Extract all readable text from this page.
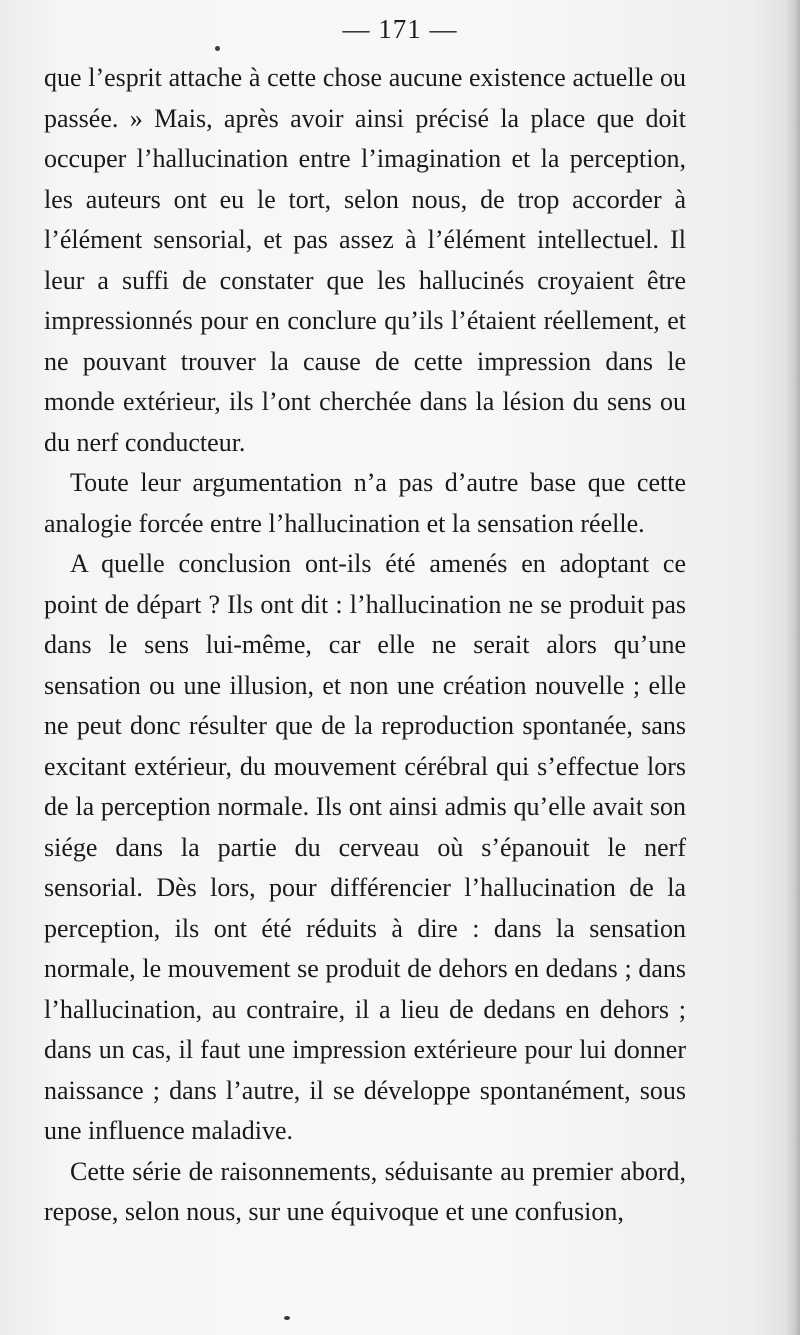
— 171 —

que l’esprit attache à cette chose aucune existence actuelle ou passée. » Mais, après avoir ainsi précisé la place que doit occuper l’hallucination entre l’imagination et la perception, les auteurs ont eu le tort, selon nous, de trop accorder à l’élément sensorial, et pas assez à l’élément intellectuel. Il leur a suffi de constater que les hallucinés croyaient être impressionnés pour en conclure qu’ils l’étaient réellement, et ne pouvant trouver la cause de cette impression dans le monde extérieur, ils l’ont cherchée dans la lésion du sens ou du nerf conducteur.

Toute leur argumentation n’a pas d’autre base que cette analogie forcée entre l’hallucination et la sensation réelle.

A quelle conclusion ont-ils été amenés en adoptant ce point de départ ? Ils ont dit : l’hallucination ne se produit pas dans le sens lui-même, car elle ne serait alors qu’une sensation ou une illusion, et non une création nouvelle ; elle ne peut donc résulter que de la reproduction spontanée, sans excitant extérieur, du mouvement cérébral qui s’effectue lors de la perception normale. Ils ont ainsi admis qu’elle avait son siége dans la partie du cerveau où s’épanouit le nerf sensorial. Dès lors, pour différencier l’hallucination de la perception, ils ont été réduits à dire : dans la sensation normale, le mouvement se produit de dehors en dedans ; dans l’hallucination, au contraire, il a lieu de dedans en dehors ; dans un cas, il faut une impression extérieure pour lui donner naissance ; dans l’autre, il se développe spontanément, sous une influence maladive.

Cette série de raisonnements, séduisante au premier abord, repose, selon nous, sur une équivoque et une confusion,
